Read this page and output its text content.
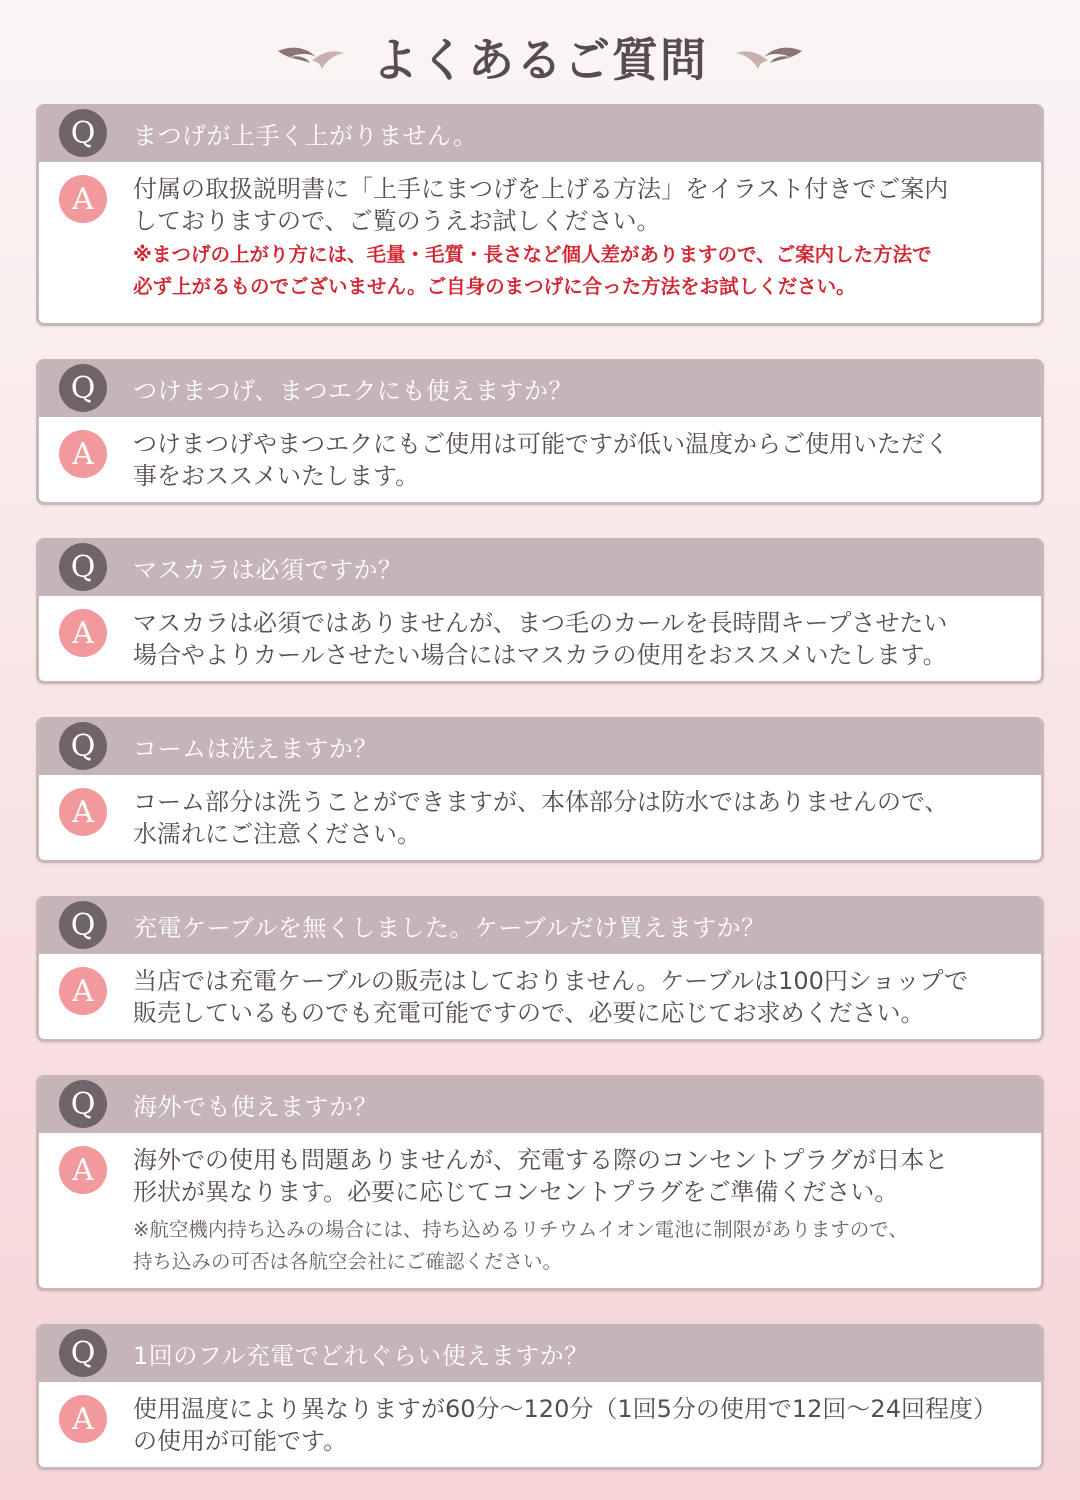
よくあるご質問
Q	まつげが上手く上がりません。
A	付属の取扱説明書に「上手にまつげを上げる方法」をイラスト付きでご案内
しておりますので、ご覧のうえお試しください。
※まつげの上がり方には、毛量・毛質・長さなど個人差がありますので、ご案内した方法で
必ず上がるものでございません。ご自身のまつげに合った方法をお試しください。
Q	つけまつげ、まつエクにも使えますか？
A	つけまつげやまつエクにもご使用は可能ですが低い温度からご使用いただく
事をおススメいたします。
Q	マスカラは必須ですか？
A	マスカラは必須ではありませんが、まつ毛のカールを長時間キープさせたい
場合やよりカールさせたい場合にはマスカラの使用をおススメいたします。
Q	コームは洗えますか？
A	コーム部分は洗うことができますが、本体部分は防水ではありませんので、
水濡れにご注意ください。
Q	充電ケーブルを無くしました。ケーブルだけ買えますか？
A	当店では充電ケーブルの販売はしておりません。ケーブルは100円ショップで
販売しているものでも充電可能ですので、必要に応じてお求めください。
Q	海外でも使えますか？
A	海外での使用も問題ありませんが、充電する際のコンセントプラグが日本と
形状が異なります。必要に応じてコンセントプラグをご準備ください。
※航空機内持ち込みの場合には、持ち込めるリチウムイオン電池に制限がありますので、
持ち込みの可否は各航空会社にご確認ください。
Q	1回のフル充電でどれぐらい使えますか？
A	使用温度により異なりますが60分～120分（1回5分の使用で12回～24回程度）
の使用が可能です。
